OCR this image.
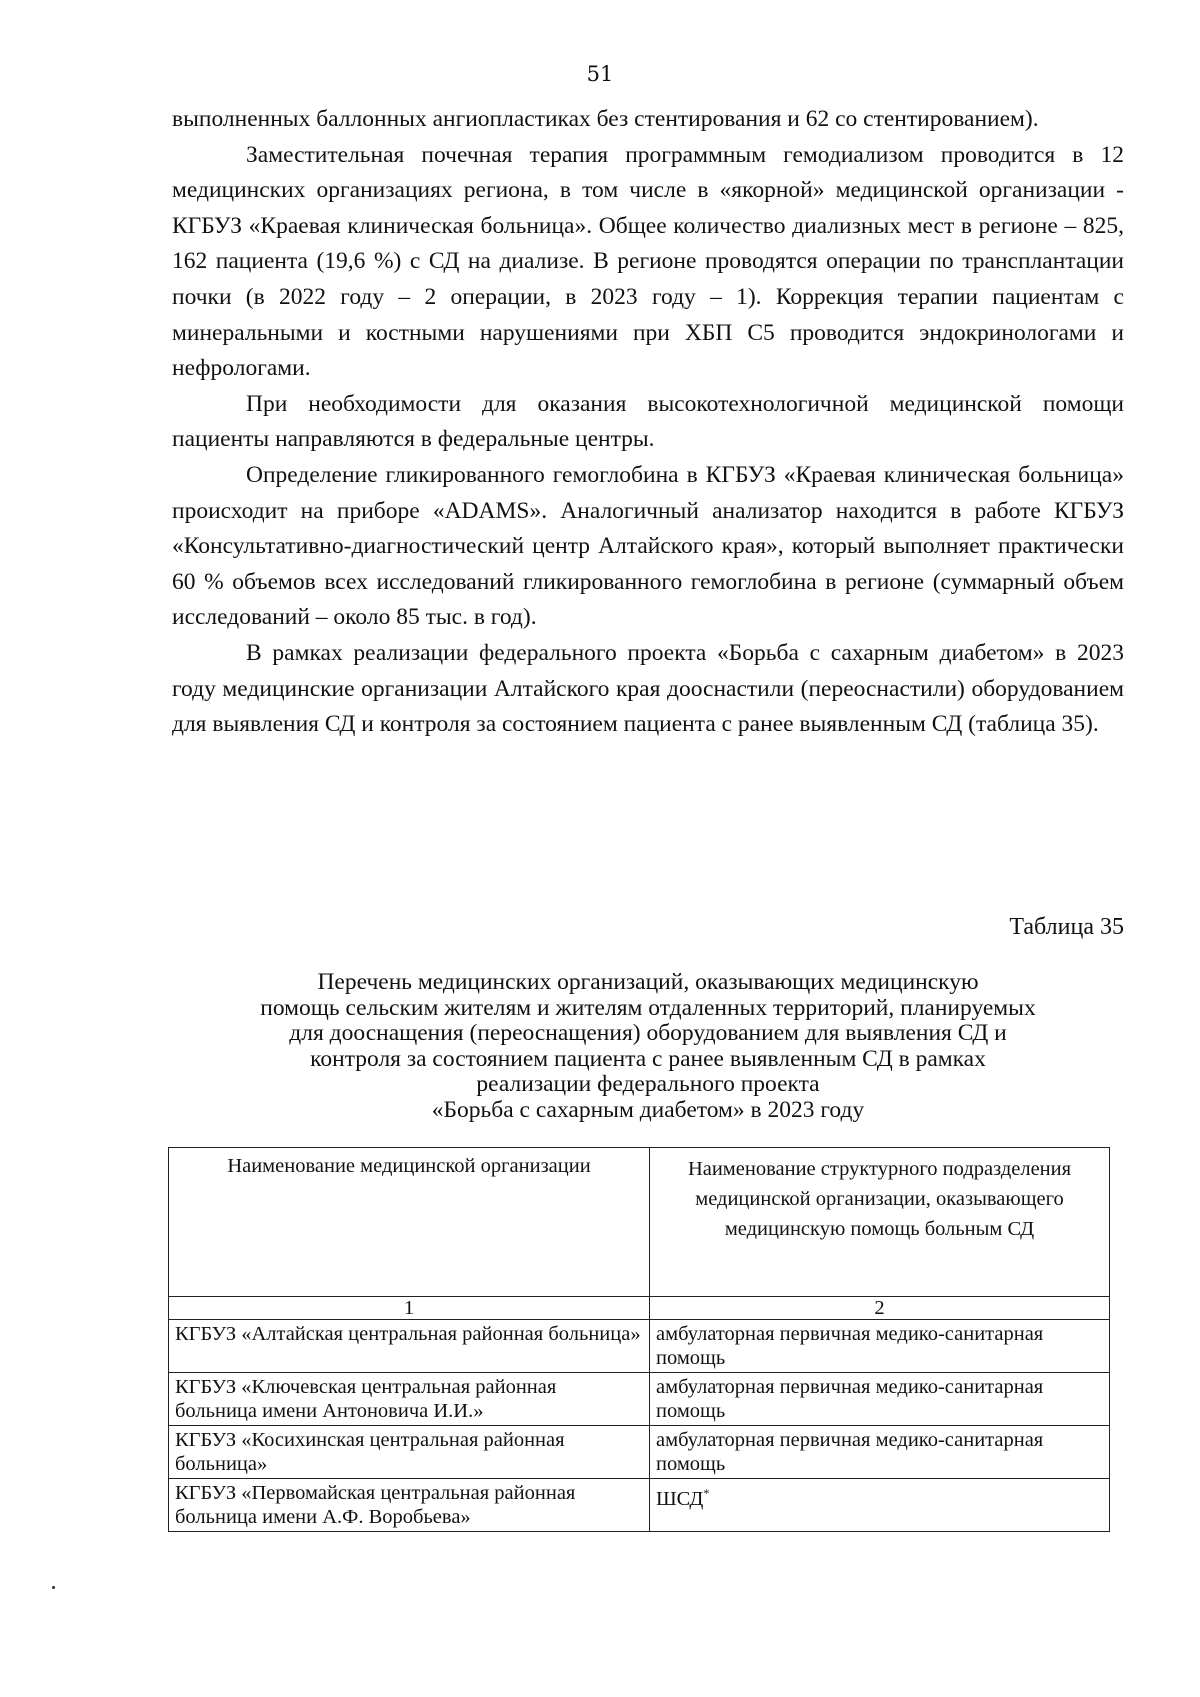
51

выполненных баллонных ангиопластиках без стентирования и 62 со стентированием).

Заместительная почечная терапия программным гемодиализом проводится в 12 медицинских организациях региона, в том числе в «якорной» медицинской организации - КГБУЗ «Краевая клиническая больница». Общее количество диализных мест в регионе – 825, 162 пациента (19,6 %) с СД на диализе. В регионе проводятся операции по трансплантации почки (в 2022 году – 2 операции, в 2023 году – 1). Коррекция терапии пациентам с минеральными и костными нарушениями при ХБП С5 проводится эндокринологами и нефрологами.

При необходимости для оказания высокотехнологичной медицинской помощи пациенты направляются в федеральные центры.

Определение гликированного гемоглобина в КГБУЗ «Краевая клиническая больница» происходит на приборе «ADAMS». Аналогичный анализатор находится в работе КГБУЗ «Консультативно-диагностический центр Алтайского края», который выполняет практически 60 % объемов всех исследований гликированного гемоглобина в регионе (суммарный объем исследований – около 85 тыс. в год).

В рамках реализации федерального проекта «Борьба с сахарным диабетом» в 2023 году медицинские организации Алтайского края дооснастили (переоснастили) оборудованием для выявления СД и контроля за состоянием пациента с ранее выявленным СД (таблица 35).

Таблица 35
Перечень медицинских организаций, оказывающих медицинскую
помощь сельским жителям и жителям отдаленных территорий, планируемых
для дооснащения (переоснащения) оборудованием для выявления СД и
контроля за состоянием пациента с ранее выявленным СД в рамках
реализации федерального проекта
«Борьба с сахарным диабетом» в 2023 году
Наименование медицинской организации	Наименование структурного подразделения медицинской организации, оказывающего медицинскую помощь больным СД
1	2
КГБУЗ «Алтайская центральная районная больница»	амбулаторная первичная медико-санитарная помощь
КГБУЗ «Ключевская центральная районная больница имени Антоновича И.И.»	амбулаторная первичная медико-санитарная помощь
КГБУЗ «Косихинская центральная районная больница»	амбулаторная первичная медико-санитарная помощь
КГБУЗ «Первомайская центральная районная больница имени А.Ф. Воробьева»	ШСД*
